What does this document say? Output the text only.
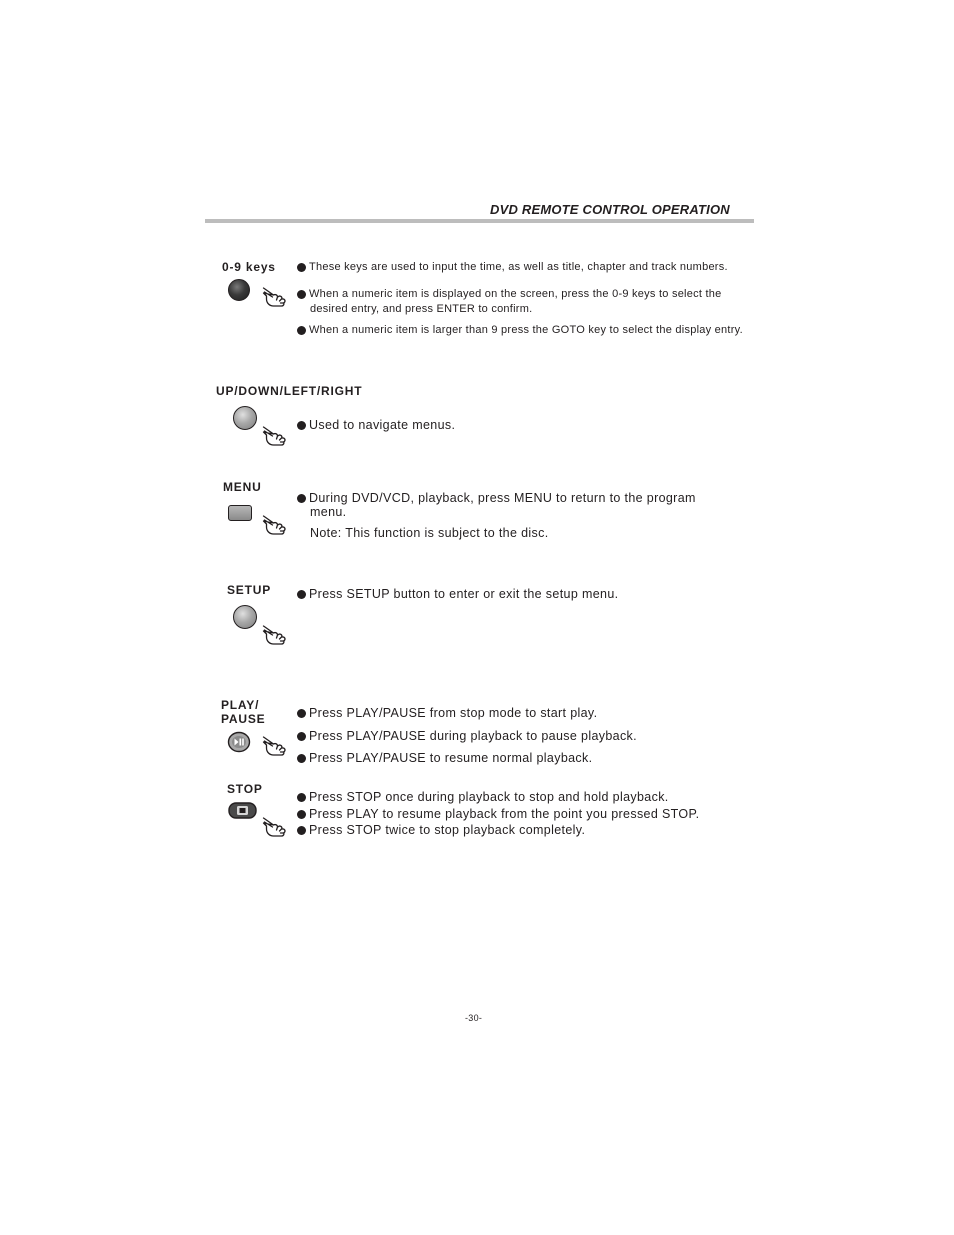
DVD REMOTE CONTROL OPERATION
0-9 keys	These keys are used to input the time, as well as title, chapter and track numbers.
When a numeric item is displayed on the screen, press the 0-9 keys to select the
desired entry, and press ENTER to confirm.
When a numeric item is larger than 9 press the GOTO key to select the display entry.
UP/DOWN/LEFT/RIGHT
Used to navigate menus.
MENU
During DVD/VCD, playback, press MENU to return to the program
menu.
Note: This function is subject to the disc.
SETUP	Press SETUP button to enter or exit the setup menu.
PLAY/
PAUSE	Press PLAY/PAUSE from stop mode to start play.
Press PLAY/PAUSE during playback to pause playback.
Press PLAY/PAUSE to resume normal playback.
STOP
Press STOP once during playback to stop and hold playback.
Press PLAY to resume playback from the point you pressed STOP.
Press STOP twice to stop playback completely.
-30-
